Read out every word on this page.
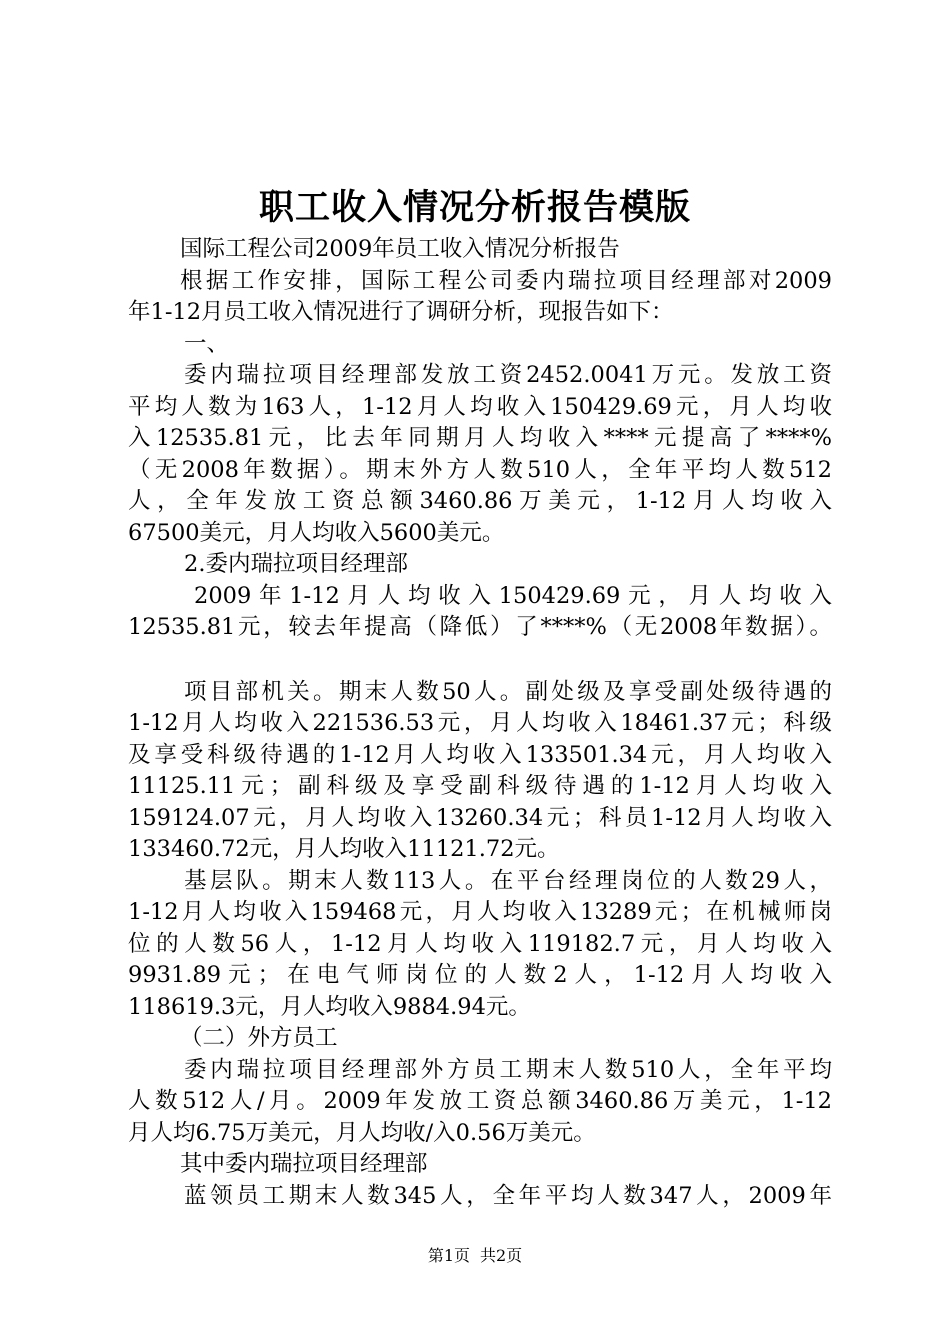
职工收入情况分析报告模版
国际工程公司2009年员工收入情况分析报告
根据工作安排，国际工程公司委内瑞拉项目经理部对2009
年1-12月员工收入情况进行了调研分析，现报告如下：
一、
委内瑞拉项目经理部发放工资2452.0041万元。发放工资
平均人数为163人，1-12月人均收入150429.69元，月人均收
入12535.81元，比去年同期月人均收入****元提高了****%
（无2008年数据）。期末外方人数510人，全年平均人数512
人，全年发放工资总额3460.86万美元，1-12月人均收入
67500美元，月人均收入5600美元。
2.委内瑞拉项目经理部
2009年1-12月人均收入150429.69元，月人均收入
12535.81元，较去年提高（降低）了****%（无2008年数据）。
项目部机关。期末人数50人。副处级及享受副处级待遇的
1-12月人均收入221536.53元，月人均收入18461.37元；科级
及享受科级待遇的1-12月人均收入133501.34元，月人均收入
11125.11元；副科级及享受副科级待遇的1-12月人均收入
159124.07元，月人均收入13260.34元；科员1-12月人均收入
133460.72元，月人均收入11121.72元。
基层队。期末人数113人。在平台经理岗位的人数29人，
1-12月人均收入159468元，月人均收入13289元；在机械师岗
位的人数56人，1-12月人均收入119182.7元，月人均收入
9931.89元；在电气师岗位的人数2人，1-12月人均收入
118619.3元，月人均收入9884.94元。
（二）外方员工
委内瑞拉项目经理部外方员工期末人数510人，全年平均
人数512人/月。2009年发放工资总额3460.86万美元，1-12
月人均6.75万美元，月人均收/入0.56万美元。
其中委内瑞拉项目经理部
蓝领员工期末人数345人，全年平均人数347人，2009年
第1页 共2页
